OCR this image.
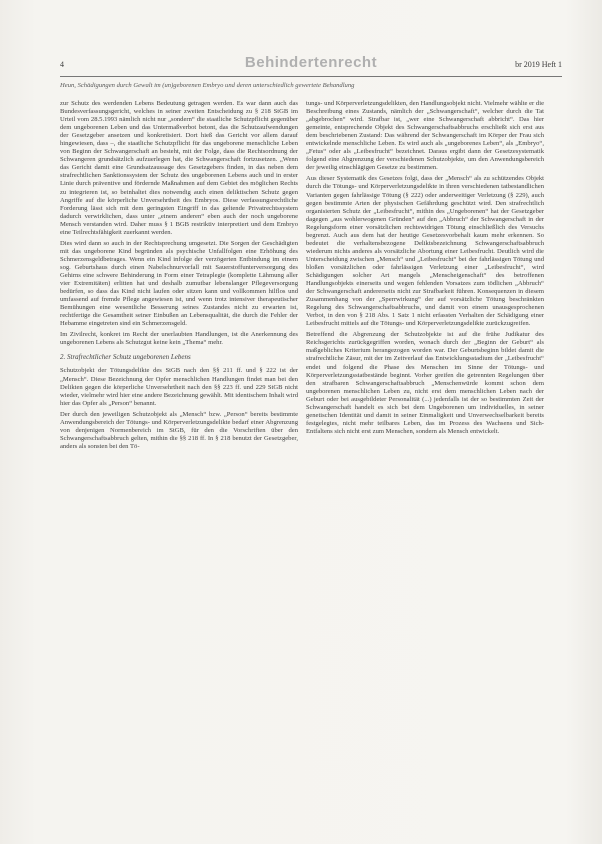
4	Behindertenrecht	br 2019 Heft 1
Heun, Schädigungen durch Gewalt im (un)geborenen Embryo und deren unterschiedlich gewertete Behandlung

zur Schutz des werdenden Lebens Bedeutung getragen werden. Es war dann auch das Bundesverfassungsgericht, welches in seiner zweiten Entscheidung zu § 218 StGB im Urteil vom 28.5.1993 nämlich nicht nur „sondern“ die staatliche Schutzpflicht gegenüber dem ungeborenen Leben und das Untermaßverbot betont, das die Schutzaufwendungen der Gesetzgeber ansetzen und konkretisiert. Dort hieß das Gericht vor allem darauf hingewiesen, dass –, die staatliche Schutzpflicht für das ungeborene menschliche Leben von Beginn der Schwangerschaft an besteht, mit der Folge, dass die Rechtsordnung der Schwangeren grundsätzlich aufzuerlegen hat, die Schwangerschaft fortzusetzen. „Wenn das Gericht damit eine Grundsatzaussage des Gesetzgebers finden, in das neben dem strafrechtlichen Sanktionssystem der Schutz des ungeborenen Lebens auch und in erster Linie durch präventive und fördernde Maßnahmen auf dem Gebiet des möglichen Rechts zu integrieren ist, so beinhaltet dies notwendig auch einen deliktischen Schutz gegen Angriffe auf die körperliche Unversehrtheit des Embryos. Diese verfassungsrechtliche Forderung lässt sich mit dem geringsten Eingriff in das geltende Privatrechtssystem dadurch verwirklichen, dass unter „einem anderen“ eben auch der noch ungeborene Mensch verstanden wird. Daher muss § 1 BGB restriktiv interpretiert und dem Embryo eine Teilrechtsfähigkeit zuerkannt werden.

Dies wird dann so auch in der Rechtsprechung umgesetzt. Die Sorgen der Geschädigten mit das ungeborene Kind begründen als psychische Unfallfolgen eine Erhöhung des Schmerzensgeldbetrages. Wenn ein Kind infolge der verzögerten Entbindung im einem sog. Geburtshaus durch einen Nabelschnurvorfall mit Sauerstoffunterversorgung des Gehirns eine schwere Behinderung in Form einer Tetraplegie (komplette Lähmung aller vier Extremitäten) erlitten hat und deshalb zumutbar lebenslanger Pflegeversorgung bedürfen, so dass das Kind nicht laufen oder sitzen kann und vollkommen hilflos und umfassend auf fremde Pflege angewiesen ist, und wenn trotz intensiver therapeutischer Bemühungen eine wesentliche Besserung seines Zustandes nicht zu erwarten ist, rechtfertige die Gesamtheit seiner Einbußen an Lebensqualität, die durch die Fehler der Hebamme eingetreten sind ein Schmerzensgeld.

Im Zivilrecht, konkret im Recht der unerlaubten Handlungen, ist die Anerkennung des ungeborenen Lebens als Schutzgut keine kein „Thema“ mehr.

2. Strafrechtlicher Schutz ungeborenen Lebens

Schutzobjekt der Tötungsdelikte des StGB nach den §§ 211 ff. und § 222 ist der „Mensch“. Diese Bezeichnung der Opfer menschlichen Handlungen findet man bei den Delikten gegen die körperliche Unversehrtheit nach den §§ 223 ff. und 229 StGB nicht wieder, vielmehr wird hier eine andere Bezeichnung gewählt. Mit identischem Inhalt wird hier das Opfer als „Person“ benannt.

Der durch den jeweiligen Schutzobjekt als „Mensch“ bzw. „Person“ bereits bestimmte Anwendungsbereich der Tötungs- und Körperverletzungsdelikte bedarf einer Abgrenzung von denjenigen Normenbereich im StGB, für den die Vorschriften über den Schwangerschaftsabbruch gelten, mithin die §§ 218 ff. In § 218 benutzt der Gesetzgeber, anders als sonsten bei den Tö-

tungs- und Körperverletzungsdelikten, den Handlungsobjekt nicht. Vielmehr wählte er die Beschreibung eines Zustands, nämlich der „Schwangerschaft“, welcher durch die Tat „abgebrochen“ wird. Strafbar ist, „wer eine Schwangerschaft abbricht“. Das hier gemeinte, entsprechende Objekt des Schwangerschaftsabbruchs erschließt sich erst aus dem beschriebenen Zustand: Das während der Schwangerschaft im Körper der Frau sich entwickelnde menschliche Leben. Es wird auch als „ungeborenes Leben“, als „Embryo“, „Fetus“ oder als „Leibesfrucht“ bezeichnet. Daraus ergibt dann der Gesetzesystematik folgend eine Abgrenzung der verschiedenen Schutzobjekte, um den Anwendungsbereich der jeweilig einschlägigen Gesetze zu bestimmen.

Aus dieser Systematik des Gesetzes folgt, dass der „Mensch“ als zu schützendes Objekt durch die Tötungs- und Körperverletzungsdelikte in ihren verschiedenen tatbestandlichen Varianten gegen fahrlässige Tötung (§ 222) oder anderweitiger Verletzung (§ 229), auch gegen bestimmte Arten der physischen Gefährdung geschützt wird. Den strafrechtlich organisierten Schutz der „Leibesfrucht“, mithin des „Ungeborenen“ hat der Gesetzgeber dagegen „aus wohlerwogenen Gründen“ auf den „Abbruch“ der Schwangerschaft in der Regelungsform einer vorsätzlichen rechtswidrigen Tötung einschließlich des Versuchs begrenzt. Auch aus dem hat der heutige Gesetzesvorbehalt kaum mehr erkennen. So bedeutet die verhaltensbezogene Deliktsbezeichnung Schwangerschaftsabbruch wiederum nichts anderes als vorsätzliche Abortung einer Leibesfrucht. Deutlich wird die Unterscheidung zwischen „Mensch“ und „Leibesfrucht“ bei der fahrlässigen Tötung und bloßen vorsätzlichen oder fahrlässigen Verletzung einer „Leibesfrucht“, wird Schädigungen solcher Art mangels „Menscheigenschaft“ des betroffenen Handlungsobjekts einerseits und wegen fehlenden Vorsatzes zum tödlichen „Abbruch“ der Schwangerschaft andererseits nicht zur Strafbarkeit führen. Konsequenzen in diesem Zusammenhang von der „Sperrwirkung“ der auf vorsätzliche Tötung beschränkten Regelung des Schwangerschaftsabbruchs, und damit von einem unausgesprochenen Verbot, in den von § 218 Abs. 1 Satz 1 nicht erfassten Verhalten der Schädigung einer Leibesfrucht mittels auf die Tötungs- und Körperverletzungsdelikte zurückzugreifen.

Betreffend die Abgrenzung der Schutzobjekte ist auf die frühe Judikatur des Reichsgerichts zurückgegriffen worden, wonach durch der „Beginn der Geburt“ als maßgebliches Kriterium herangezogen worden war. Der Geburtsbeginn bildet damit die strafrechtliche Zäsur, mit der im Zeitverlauf das Entwicklungsstadium der „Leibesfrucht“ endet und folgend die Phase des Menschen im Sinne der Tötungs- und Körperverletzungsstatbestände beginnt. Vorher greifen die getrennten Regelungen über den strafbaren Schwangerschaftsabbruch „Menschenwürde kommt schon dem ungeborenen menschlichen Leben zu, nicht erst dem menschlichen Leben nach der Geburt oder bei ausgebildeter Personalität (...) jedenfalls ist der so bestimmten Zeit der Schwangerschaft handelt es sich bei dem Ungeborenen um individuelles, in seiner genetischen Identität und damit in seiner Einmaligkeit und Unverwechselbarkeit bereits festgelegtes, nicht mehr teilbares Leben, das im Prozess des Wachsens und Sich-Entfaltens sich nicht erst zum Menschen, sondern als Mensch entwickelt.
